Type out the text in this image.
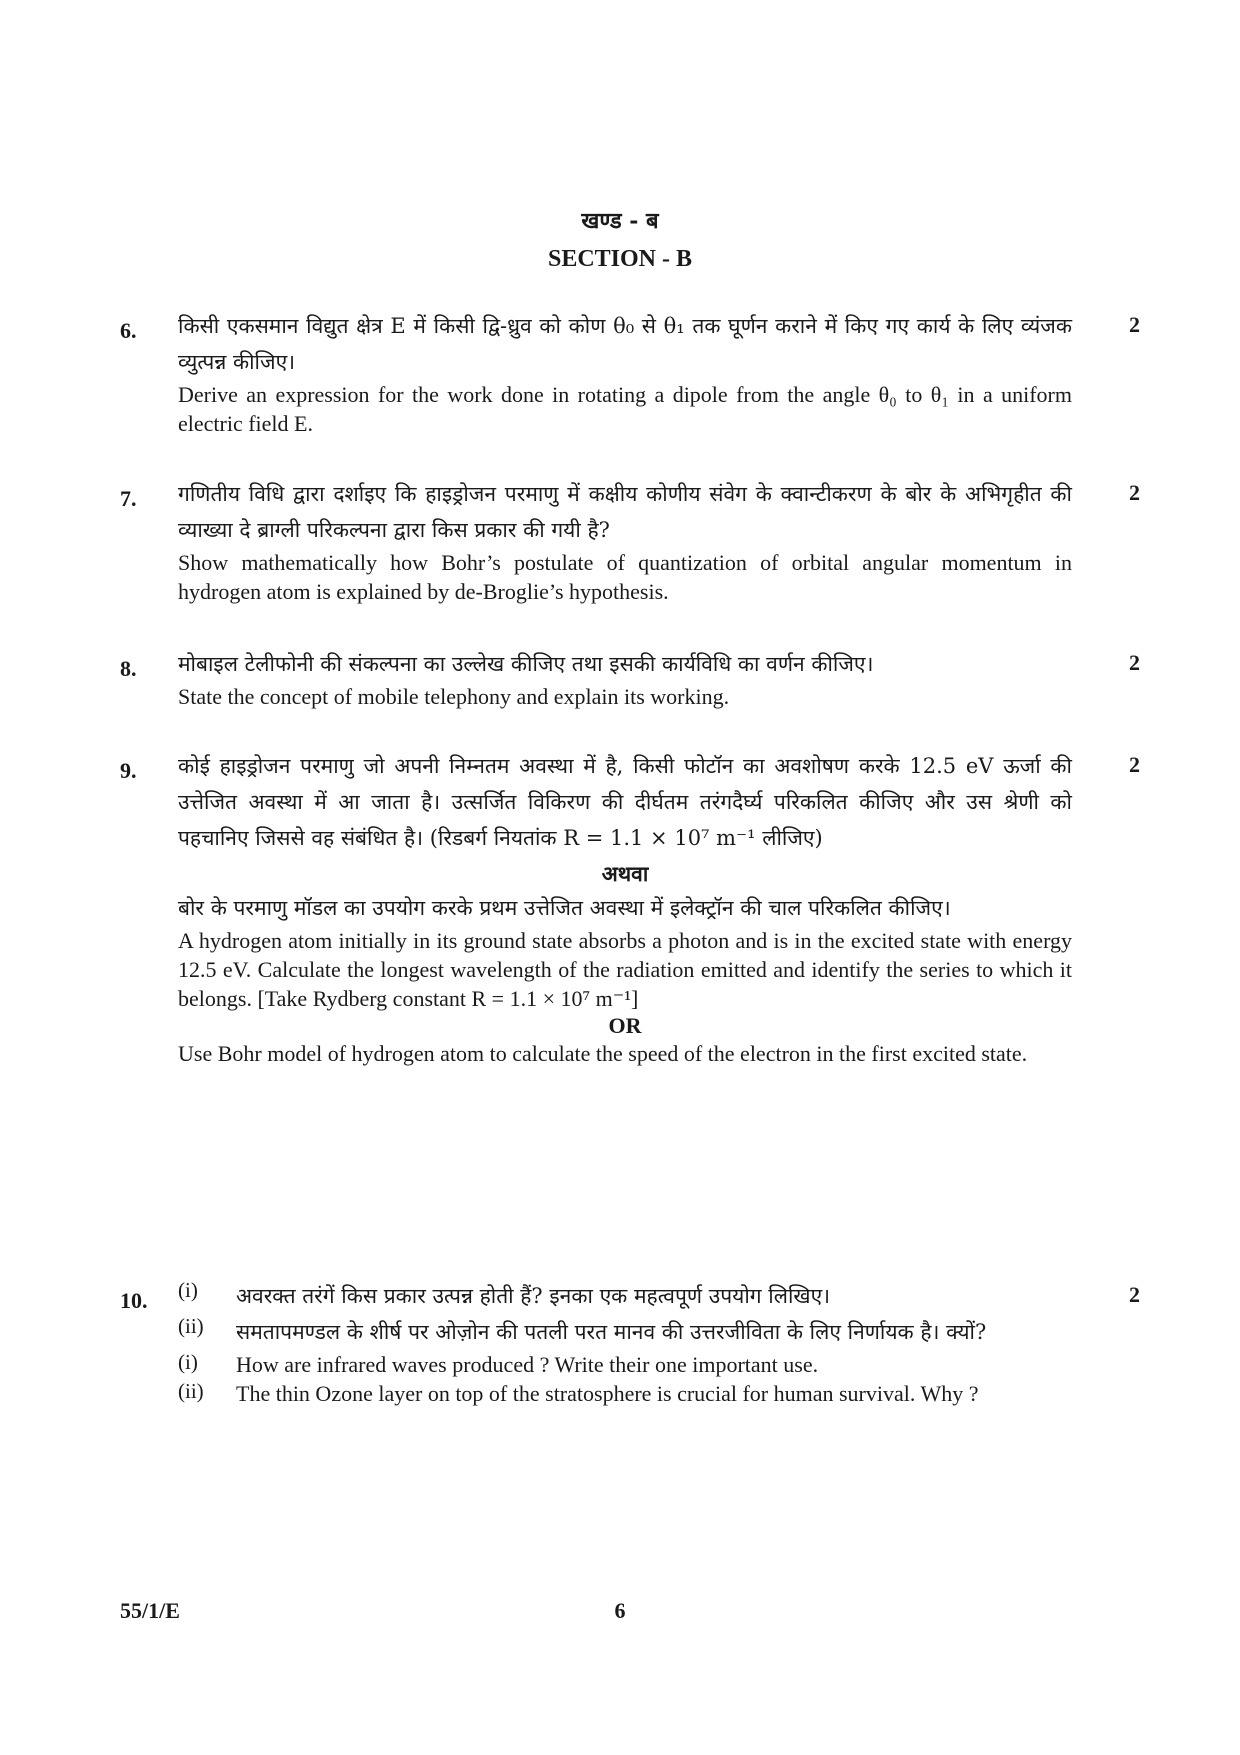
खण्ड - ब
SECTION - B
6.	2

किसी एकसमान विद्युत क्षेत्र E में किसी द्वि-ध्रुव को कोण θ₀ से θ₁ तक घूर्णन कराने में किए गए कार्य के लिए व्यंजक व्युत्पन्न कीजिए।

Derive an expression for the work done in rotating a dipole from the angle θ₀ to θ₁ in a uniform electric field E.

7.	2

गणितीय विधि द्वारा दर्शाइए कि हाइड्रोजन परमाणु में कक्षीय कोणीय संवेग के क्वान्टीकरण के बोर के अभिगृहीत की व्याख्या दे ब्राग्ली परिकल्पना द्वारा किस प्रकार की गयी है?

Show mathematically how Bohr’s postulate of quantization of orbital angular momentum in hydrogen atom is explained by de-Broglie’s hypothesis.

8.	2

मोबाइल टेलीफोनी की संकल्पना का उल्लेख कीजिए तथा इसकी कार्यविधि का वर्णन कीजिए।

State the concept of mobile telephony and explain its working.

9.	2

कोई हाइड्रोजन परमाणु जो अपनी निम्नतम अवस्था में है, किसी फोटॉन का अवशोषण करके 12.5 eV ऊर्जा की उत्तेजित अवस्था में आ जाता है। उत्सर्जित विकिरण की दीर्घतम तरंगदैर्घ्य परिकलित कीजिए और उस श्रेणी को पहचानिए जिससे वह संबंधित है। (रिडबर्ग नियतांक R = 1.1 × 10⁷ m⁻¹ लीजिए)

अथवा

बोर के परमाणु मॉडल का उपयोग करके प्रथम उत्तेजित अवस्था में इलेक्ट्रॉन की चाल परिकलित कीजिए।

A hydrogen atom initially in its ground state absorbs a photon and is in the excited state with energy 12.5 eV. Calculate the longest wavelength of the radiation emitted and identify the series to which it belongs. [Take Rydberg constant R = 1.1 × 10⁷ m⁻¹]

OR

Use Bohr model of hydrogen atom to calculate the speed of the electron in the first excited state.

10.	2
(i)	अवरक्त तरंगें किस प्रकार उत्पन्न होती हैं? इनका एक महत्वपूर्ण उपयोग लिखिए।
(ii)	समतापमण्डल के शीर्ष पर ओज़ोन की पतली परत मानव की उत्तरजीविता के लिए निर्णायक है। क्यों?
(i)	How are infrared waves produced ? Write their one important use.
(ii)	The thin Ozone layer on top of the stratosphere is crucial for human survival. Why ?
55/1/E	6
